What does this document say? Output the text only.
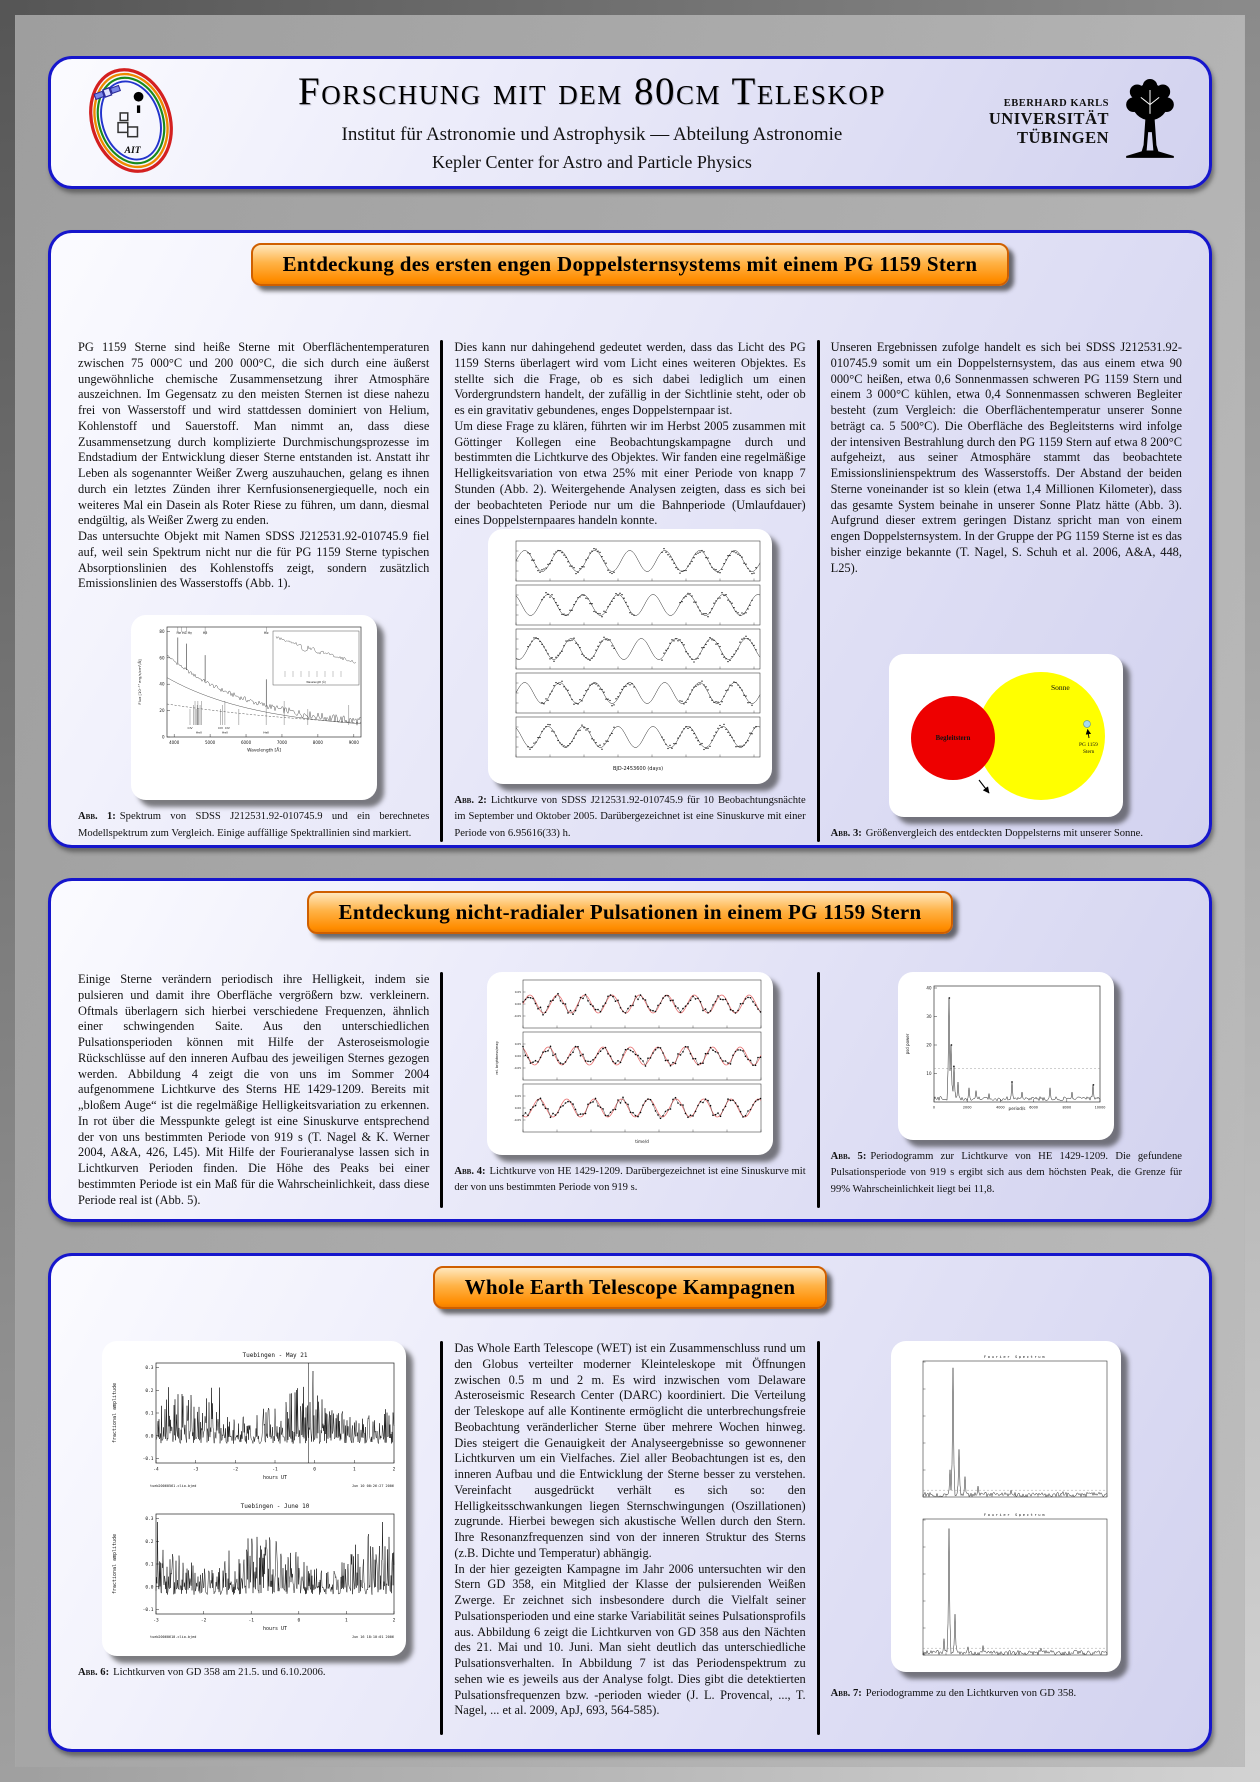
AIT
Forschung mit dem 80cm Teleskop
Institut für Astronomie und Astrophysik — Abteilung Astronomie
Kepler Center for Astro and Particle Physics
EBERHARD KARLS
UNIVERSITÄT
TÜBINGEN
Entdeckung des ersten engen Doppelsternsystems mit einem PG 1159 Stern

PG 1159 Sterne sind heiße Sterne mit Oberflächentemperaturen zwischen 75 000°C und 200 000°C, die sich durch eine äußerst ungewöhnliche chemische Zusammensetzung ihrer Atmosphäre auszeichnen. Im Gegensatz zu den meisten Sternen ist diese nahezu frei von Wasserstoff und wird stattdessen dominiert von Helium, Kohlenstoff und Sauerstoff. Man nimmt an, dass diese Zusammensetzung durch komplizierte Durchmischungsprozesse im Endstadium der Entwicklung dieser Sterne entstanden ist. Anstatt ihr Leben als sogenannter Weißer Zwerg auszuhauchen, gelang es ihnen durch ein letztes Zünden ihrer Kernfusionsenergiequelle, noch ein weiteres Mal ein Dasein als Roter Riese zu führen, um dann, diesmal endgültig, als Weißer Zwerg zu enden.

Das untersuchte Objekt mit Namen SDSS J212531.92-010745.9 fiel auf, weil sein Spektrum nicht nur die für PG 1159 Sterne typischen Absorptionslinien des Kohlenstoffs zeigt, sondern zusätzlich Emissionslinien des Wasserstoffs (Abb. 1).

0
20
40
60
80
4000	5000	6000	7000	8000	9000
Wavelength [Å]
Flux [10⁻¹⁷ erg/s/cm²/Å]
He Hδ Hγ	Hβ	Hα
CIV	CIV CIV
HeII	HeII	HeII
Wavelength [Å]
Abb. 1: Spektrum von SDSS J212531.92-010745.9 und ein berechnetes Modellspektrum zum Vergleich. Einige auffällige Spektrallinien sind markiert.

Dies kann nur dahingehend gedeutet werden, dass das Licht des PG 1159 Sterns überlagert wird vom Licht eines weiteren Objektes. Es stellte sich die Frage, ob es sich dabei lediglich um einen Vordergrundstern handelt, der zufällig in der Sichtlinie steht, oder ob es ein gravitativ gebundenes, enges Doppelsternpaar ist.

Um diese Frage zu klären, führten wir im Herbst 2005 zusammen mit Göttinger Kollegen eine Beobachtungskampagne durch und bestimmten die Lichtkurve des Objektes. Wir fanden eine regelmäßige Helligkeitsvariation von etwa 25% mit einer Periode von knapp 7 Stunden (Abb. 2). Weitergehende Analysen zeigten, dass es sich bei der beobachteten Periode nur um die Bahnperiode (Umlaufdauer) eines Doppelsternpaares handeln konnte.

BJD-2453600 (days)
Abb. 2: Lichtkurve von SDSS J212531.92-010745.9 für 10 Beobachtungsnächte im September und Oktober 2005. Darübergezeichnet ist eine Sinuskurve mit einer Periode von 6.95616(33) h.

Unseren Ergebnissen zufolge handelt es sich bei SDSS J212531.92-010745.9 somit um ein Doppelsternsystem, das aus einem etwa 90 000°C heißen, etwa 0,6 Sonnenmassen schweren PG 1159 Stern und einem 3 000°C kühlen, etwa 0,4 Sonnenmassen schweren Begleiter besteht (zum Vergleich: die Oberflächentemperatur unserer Sonne beträgt ca. 5 500°C). Die Oberfläche des Begleitsterns wird infolge der intensiven Bestrahlung durch den PG 1159 Stern auf etwa 8 200°C aufgeheizt, aus seiner Atmosphäre stammt das beobachtete Emissionslinienspektrum des Wasserstoffs. Der Abstand der beiden Sterne voneinander ist so klein (etwa 1,4 Millionen Kilometer), dass das gesamte System beinahe in unserer Sonne Platz hätte (Abb. 3). Aufgrund dieser extrem geringen Distanz spricht man von einem engen Doppelsternsystem. In der Gruppe der PG 1159 Sterne ist es das bisher einzige bekannte (T. Nagel, S. Schuh et al. 2006, A&A, 448, L25).

Sonne
Begleitstern
PG 1159
Stern
Abb. 3: Größenvergleich des entdeckten Doppelsterns mit unserer Sonne.
Entdeckung nicht-radialer Pulsationen in einem PG 1159 Stern

Einige Sterne verändern periodisch ihre Helligkeit, indem sie pulsieren und damit ihre Oberfläche vergrößern bzw. verkleinern. Oftmals überlagern sich hierbei verschiedene Frequenzen, ähnlich einer schwingenden Saite. Aus den unterschiedlichen Pulsationsperioden können mit Hilfe der Asteroseismologie Rückschlüsse auf den inneren Aufbau des jeweiligen Sternes gezogen werden. Abbildung 4 zeigt die von uns im Sommer 2004 aufgenommene Lichtkurve des Sterns HE 1429-1209. Bereits mit „bloßem Auge“ ist die regelmäßige Helligkeitsvariation zu erkennen. In rot über die Messpunkte gelegt ist eine Sinuskurve entsprechend der von uns bestimmten Periode von 919 s (T. Nagel & K. Werner 2004, A&A, 426, L45). Mit Hilfe der Fourieranalyse lassen sich in Lichtkurven Perioden finden. Die Höhe des Peaks bei einer bestimmten Periode ist ein Maß für die Wahrscheinlichkeit, dass diese Periode real ist (Abb. 5).

0.05
0.00
-0.05
0.05
0.00
-0.05
0.05
0.00
-0.05
rel. brightness/mag
time/d
Abb. 4: Lichtkurve von HE 1429-1209. Darübergezeichnet ist eine Sinuskurve mit der von uns bestimmten Periode von 919 s.
10
20
30
40
0	2000	4000	6000	8000	10000
period/s
psd power
Abb. 5: Periodogramm zur Lichtkurve von HE 1429-1209. Die gefundene Pulsationsperiode von 919 s ergibt sich aus dem höchsten Peak, die Grenze für 99% Wahrscheinlichkeit liegt bei 11,8.
Whole Earth Telescope Kampagnen
Tuebingen - May 21
0.3
0.2
0.1
0.0
-0.1
-4	-3	-2	-1	0	1	2
hours UT
tueb20060561.clio.bjed	Jun 10 00:26:27 2006
fractional amplitude
Tuebingen - June 10
0.3
0.2
0.1
0.0
-0.1
-3	-2	-1	0	1	2
hours UT
tueb20060610.clio.bjed	Jun 16 18:10:01 2006
fractional amplitude
Abb. 6: Lichtkurven von GD 358 am 21.5. und 6.10.2006.

Das Whole Earth Telescope (WET) ist ein Zusammenschluss rund um den Globus verteilter moderner Kleinteleskope mit Öffnungen zwischen 0.5 m und 2 m. Es wird inzwischen vom Delaware Asteroseismic Research Center (DARC) koordiniert. Die Verteilung der Teleskope auf alle Kontinente ermöglicht die unterbrechungsfreie Beobachtung veränderlicher Sterne über mehrere Wochen hinweg. Dies steigert die Genauigkeit der Analyseergebnisse so gewonnener Lichtkurven um ein Vielfaches. Ziel aller Beobachtungen ist es, den inneren Aufbau und die Entwicklung der Sterne besser zu verstehen. Vereinfacht ausgedrückt verhält es sich so: den Helligkeitsschwankungen liegen Sternschwingungen (Oszillationen) zugrunde. Hierbei bewegen sich akustische Wellen durch den Stern. Ihre Resonanzfrequenzen sind von der inneren Struktur des Sterns (z.B. Dichte und Temperatur) abhängig.

In der hier gezeigten Kampagne im Jahr 2006 untersuchten wir den Stern GD 358, ein Mitglied der Klasse der pulsierenden Weißen Zwerge. Er zeichnet sich insbesondere durch die Vielfalt seiner Pulsationsperioden und eine starke Variabilität seines Pulsationsprofils aus. Abbildung 6 zeigt die Lichtkurven von GD 358 aus den Nächten des 21. Mai und 10. Juni. Man sieht deutlich das unterschiedliche Pulsationsverhalten. In Abbildung 7 ist das Periodenspektrum zu sehen wie es jeweils aus der Analyse folgt. Dies gibt die detektierten Pulsationsfrequenzen bzw. -perioden wieder (J. L. Provencal, ..., T. Nagel, ... et al. 2009, ApJ, 693, 564-585).

Fourier Spectrum
Fourier Spectrum
Abb. 7: Periodogramme zu den Lichtkurven von GD 358.
